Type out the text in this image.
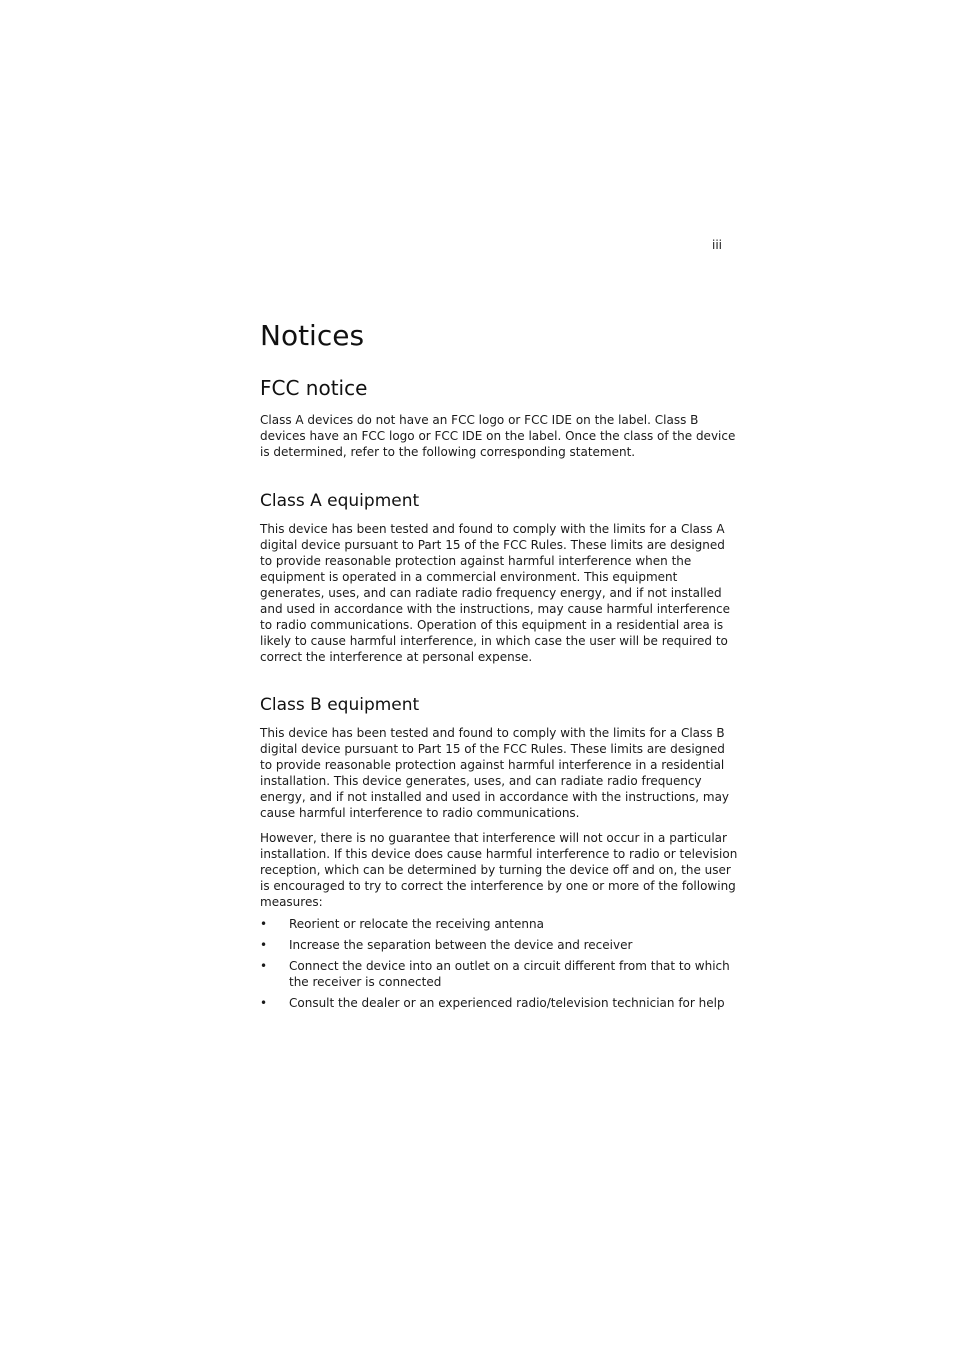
iii
Notices
FCC notice

Class A devices do not have an FCC logo or FCC IDE on the label. Class B devices have an FCC logo or FCC IDE on the label. Once the class of the device is determined, refer to the following corresponding statement.

Class A equipment

This device has been tested and found to comply with the limits for a Class A digital device pursuant to Part 15 of the FCC Rules. These limits are designed to provide reasonable protection against harmful interference when the equipment is operated in a commercial environment. This equipment generates, uses, and can radiate radio frequency energy, and if not installed and used in accordance with the instructions, may cause harmful interference to radio communications. Operation of this equipment in a residential area is likely to cause harmful interference, in which case the user will be required to correct the interference at personal expense.

Class B equipment

This device has been tested and found to comply with the limits for a Class B digital device pursuant to Part 15 of the FCC Rules. These limits are designed to provide reasonable protection against harmful interference in a residential installation. This device generates, uses, and can radiate radio frequency energy, and if not installed and used in accordance with the instructions, may cause harmful interference to radio communications.

However, there is no guarantee that interference will not occur in a particular installation. If this device does cause harmful interference to radio or television reception, which can be determined by turning the device off and on, the user is encouraged to try to correct the interference by one or more of the following measures:

• Reorient or relocate the receiving antenna
• Increase the separation between the device and receiver
• Connect the device into an outlet on a circuit different from that to which the receiver is connected
• Consult the dealer or an experienced radio/television technician for help
